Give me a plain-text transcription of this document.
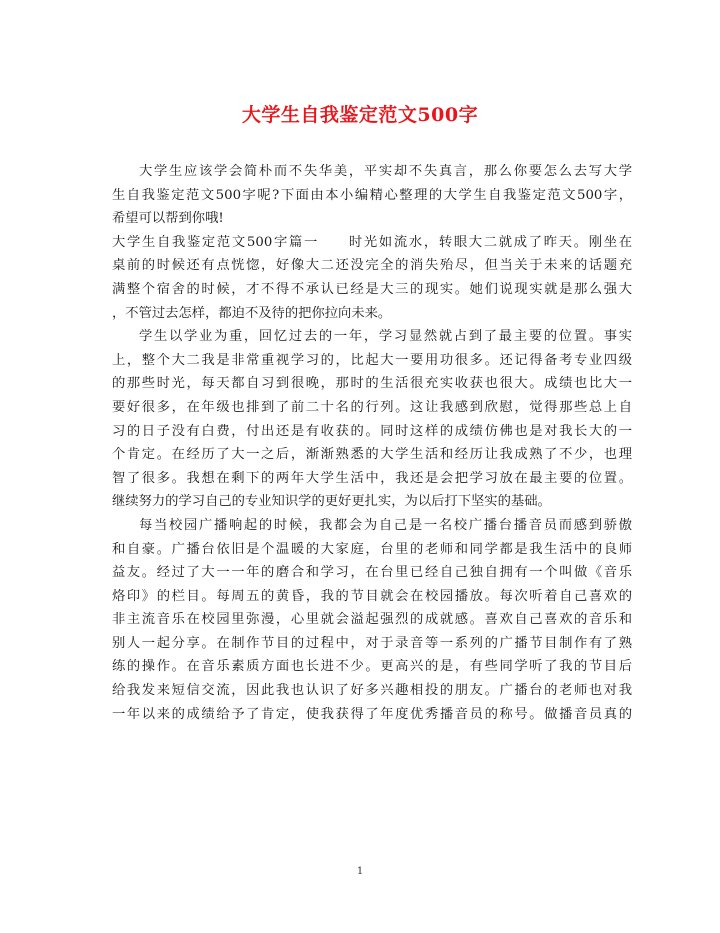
大学生自我鉴定范文500字
大学生应该学会简朴而不失华美，平实却不失真言，那么你要怎么去写大学
生自我鉴定范文500字呢?下面由本小编精心整理的大学生自我鉴定范文500字，
希望可以帮到你哦!
大学生自我鉴定范文500字篇一　　时光如流水，转眼大二就成了昨天。刚坐在
桌前的时候还有点恍惚，好像大二还没完全的消失殆尽，但当关于未来的话题充
满整个宿舍的时候，才不得不承认已经是大三的现实。她们说现实就是那么强大
，不管过去怎样，都迫不及待的把你拉向未来。
学生以学业为重，回忆过去的一年，学习显然就占到了最主要的位置。事实
上，整个大二我是非常重视学习的，比起大一要用功很多。还记得备考专业四级
的那些时光，每天都自习到很晚，那时的生活很充实收获也很大。成绩也比大一
要好很多，在年级也排到了前二十名的行列。这让我感到欣慰，觉得那些总上自
习的日子没有白费，付出还是有收获的。同时这样的成绩仿佛也是对我长大的一
个肯定。在经历了大一之后，渐渐熟悉的大学生活和经历让我成熟了不少，也理
智了很多。我想在剩下的两年大学生活中，我还是会把学习放在最主要的位置。
继续努力的学习自己的专业知识学的更好更扎实，为以后打下坚实的基础。
每当校园广播响起的时候，我都会为自己是一名校广播台播音员而感到骄傲
和自豪。广播台依旧是个温暖的大家庭，台里的老师和同学都是我生活中的良师
益友。经过了大一一年的磨合和学习，在台里已经自己独自拥有一个叫做《音乐
烙印》的栏目。每周五的黄昏，我的节目就会在校园播放。每次听着自己喜欢的
非主流音乐在校园里弥漫，心里就会溢起强烈的成就感。喜欢自己喜欢的音乐和
别人一起分享。在制作节目的过程中，对于录音等一系列的广播节目制作有了熟
练的操作。在音乐素质方面也长进不少。更高兴的是，有些同学听了我的节目后
给我发来短信交流，因此我也认识了好多兴趣相投的朋友。广播台的老师也对我
一年以来的成绩给予了肯定，使我获得了年度优秀播音员的称号。做播音员真的
1
